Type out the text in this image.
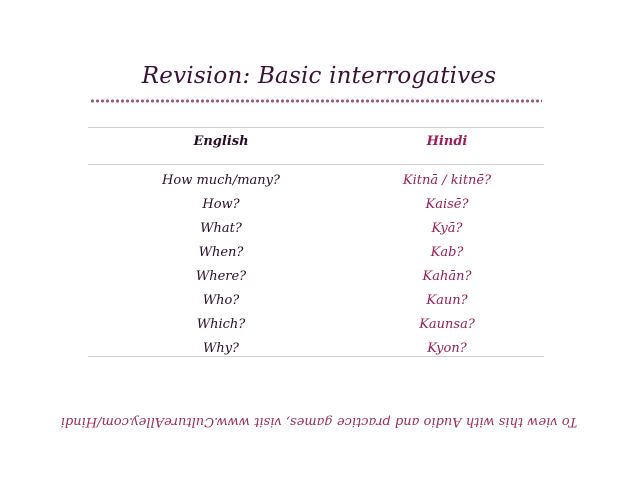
Revision: Basic interrogatives
English	Hindi
How much/many?	Kitnā / kitnē?
How?	Kaisē?
What?	Kyā?
When?	Kab?
Where?	Kahān?
Who?	Kaun?
Which?	Kaunsa?
Why?	Kyon?
To view this with Audio and practice games, visit www.CultureAlley.com/Hindi
